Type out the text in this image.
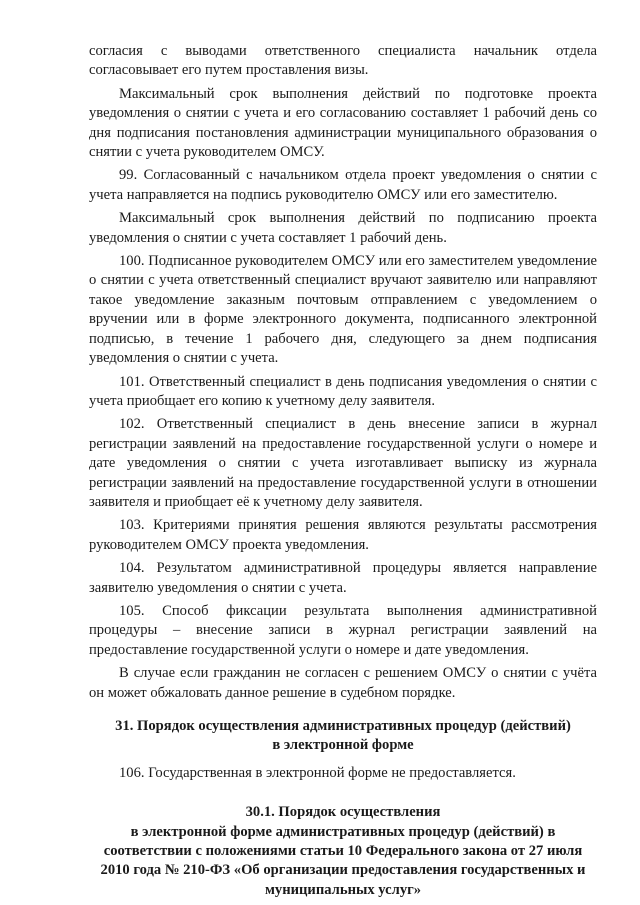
согласия с выводами ответственного специалиста начальник отдела согласовывает его путем проставления визы.

Максимальный срок выполнения действий по подготовке проекта уведомления о снятии с учета и его согласованию составляет 1 рабочий день со дня подписания постановления администрации муниципального образования о снятии с учета руководителем ОМСУ.

99. Согласованный с начальником отдела проект уведомления о снятии с учета направляется на подпись руководителю ОМСУ или его заместителю.

Максимальный срок выполнения действий по подписанию проекта уведомления о снятии с учета составляет 1 рабочий день.

100. Подписанное руководителем ОМСУ или его заместителем уведомление о снятии с учета ответственный специалист вручают заявителю или направляют такое уведомление заказным почтовым отправлением с уведомлением о вручении или в форме электронного документа, подписанного электронной подписью, в течение 1 рабочего дня, следующего за днем подписания уведомления о снятии с учета.

101. Ответственный специалист в день подписания уведомления о снятии с учета приобщает его копию к учетному делу заявителя.

102. Ответственный специалист в день внесение записи в журнал регистрации заявлений на предоставление государственной услуги о номере и дате уведомления о снятии с учета изготавливает выписку из журнала регистрации заявлений на предоставление государственной услуги в отношении заявителя и приобщает её к учетному делу заявителя.

103. Критериями принятия решения являются результаты рассмотрения руководителем ОМСУ проекта уведомления.

104. Результатом административной процедуры является направление заявителю уведомления о снятии с учета.

105. Способ фиксации результата выполнения административной процедуры – внесение записи в журнал регистрации заявлений на предоставление государственной услуги о номере и дате уведомления.

В случае если гражданин не согласен с решением ОМСУ о снятии с учёта он может обжаловать данное решение в судебном порядке.

31. Порядок осуществления административных процедур (действий)
в электронной форме

106. Государственная в электронной форме не предоставляется.

30.1. Порядок осуществления
в электронной форме административных процедур (действий) в
соответствии с положениями статьи 10 Федерального закона от 27 июля
2010 года № 210-ФЗ «Об организации предоставления государственных и
муниципальных услуг»
